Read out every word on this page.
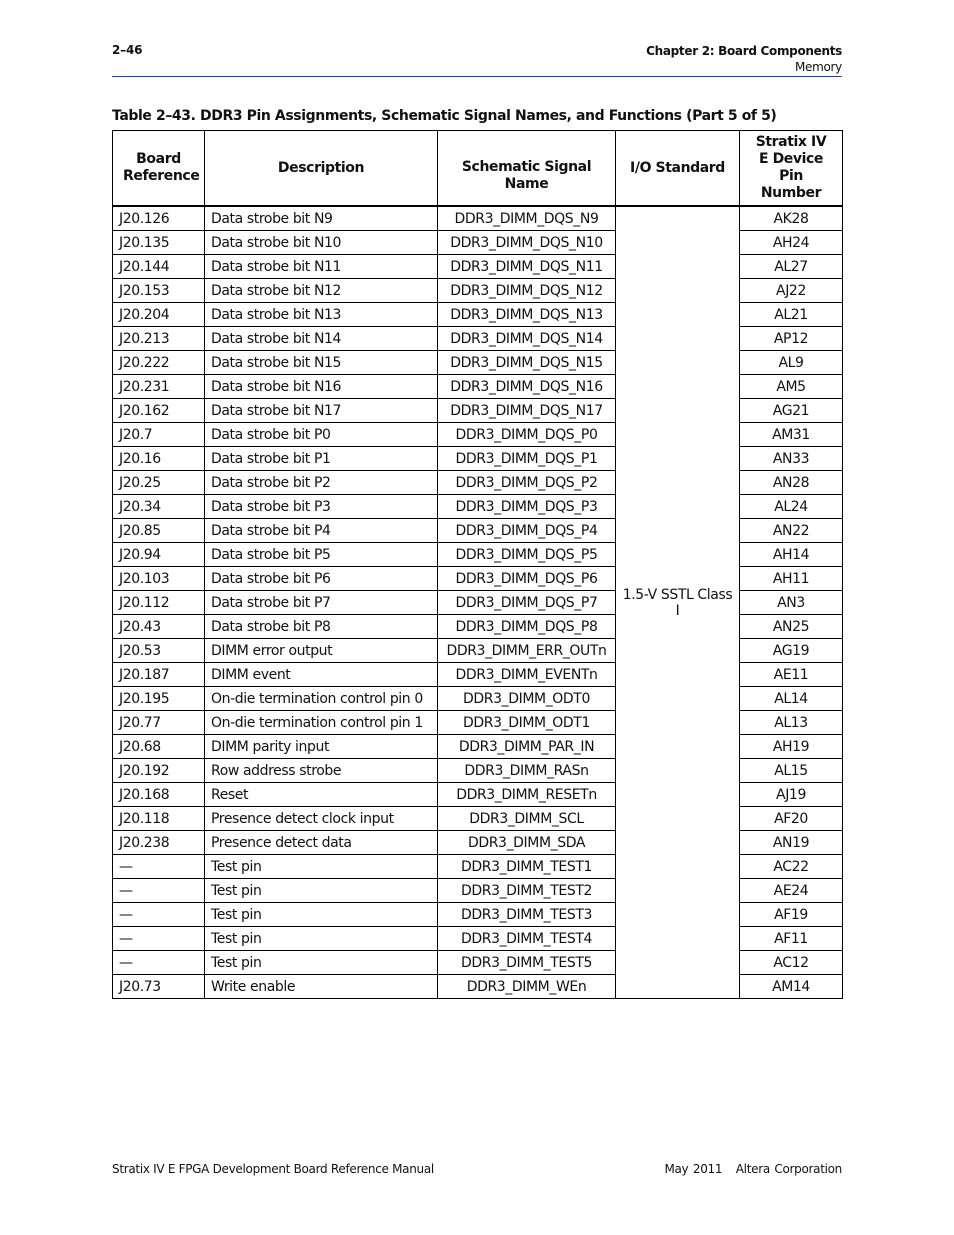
2–46	Chapter 2: Board Components
Memory
Table 2–43. DDR3 Pin Assignments, Schematic Signal Names, and Functions (Part 5 of 5)
Board Reference	Description	Schematic Signal Name	I/O Standard	Stratix IV E Device Pin Number
J20.126	Data strobe bit N9	DDR3_DIMM_DQS_N9	1.5-V SSTL Class I	AK28
J20.135	Data strobe bit N10	DDR3_DIMM_DQS_N10		AH24
J20.144	Data strobe bit N11	DDR3_DIMM_DQS_N11		AL27
J20.153	Data strobe bit N12	DDR3_DIMM_DQS_N12		AJ22
J20.204	Data strobe bit N13	DDR3_DIMM_DQS_N13		AL21
J20.213	Data strobe bit N14	DDR3_DIMM_DQS_N14		AP12
J20.222	Data strobe bit N15	DDR3_DIMM_DQS_N15		AL9
J20.231	Data strobe bit N16	DDR3_DIMM_DQS_N16		AM5
J20.162	Data strobe bit N17	DDR3_DIMM_DQS_N17		AG21
J20.7	Data strobe bit P0	DDR3_DIMM_DQS_P0		AM31
J20.16	Data strobe bit P1	DDR3_DIMM_DQS_P1		AN33
J20.25	Data strobe bit P2	DDR3_DIMM_DQS_P2		AN28
J20.34	Data strobe bit P3	DDR3_DIMM_DQS_P3		AL24
J20.85	Data strobe bit P4	DDR3_DIMM_DQS_P4		AN22
J20.94	Data strobe bit P5	DDR3_DIMM_DQS_P5		AH14
J20.103	Data strobe bit P6	DDR3_DIMM_DQS_P6		AH11
J20.112	Data strobe bit P7	DDR3_DIMM_DQS_P7		AN3
J20.43	Data strobe bit P8	DDR3_DIMM_DQS_P8		AN25
J20.53	DIMM error output	DDR3_DIMM_ERR_OUTn		AG19
J20.187	DIMM event	DDR3_DIMM_EVENTn		AE11
J20.195	On-die termination control pin 0	DDR3_DIMM_ODT0		AL14
J20.77	On-die termination control pin 1	DDR3_DIMM_ODT1		AL13
J20.68	DIMM parity input	DDR3_DIMM_PAR_IN		AH19
J20.192	Row address strobe	DDR3_DIMM_RASn		AL15
J20.168	Reset	DDR3_DIMM_RESETn		AJ19
J20.118	Presence detect clock input	DDR3_DIMM_SCL		AF20
J20.238	Presence detect data	DDR3_DIMM_SDA		AN19
—	Test pin	DDR3_DIMM_TEST1		AC22
—	Test pin	DDR3_DIMM_TEST2		AE24
—	Test pin	DDR3_DIMM_TEST3		AF19
—	Test pin	DDR3_DIMM_TEST4		AF11
—	Test pin	DDR3_DIMM_TEST5		AC12
J20.73	Write enable	DDR3_DIMM_WEn		AM14
Stratix IV E FPGA Development Board Reference Manual	May 2011 Altera Corporation
